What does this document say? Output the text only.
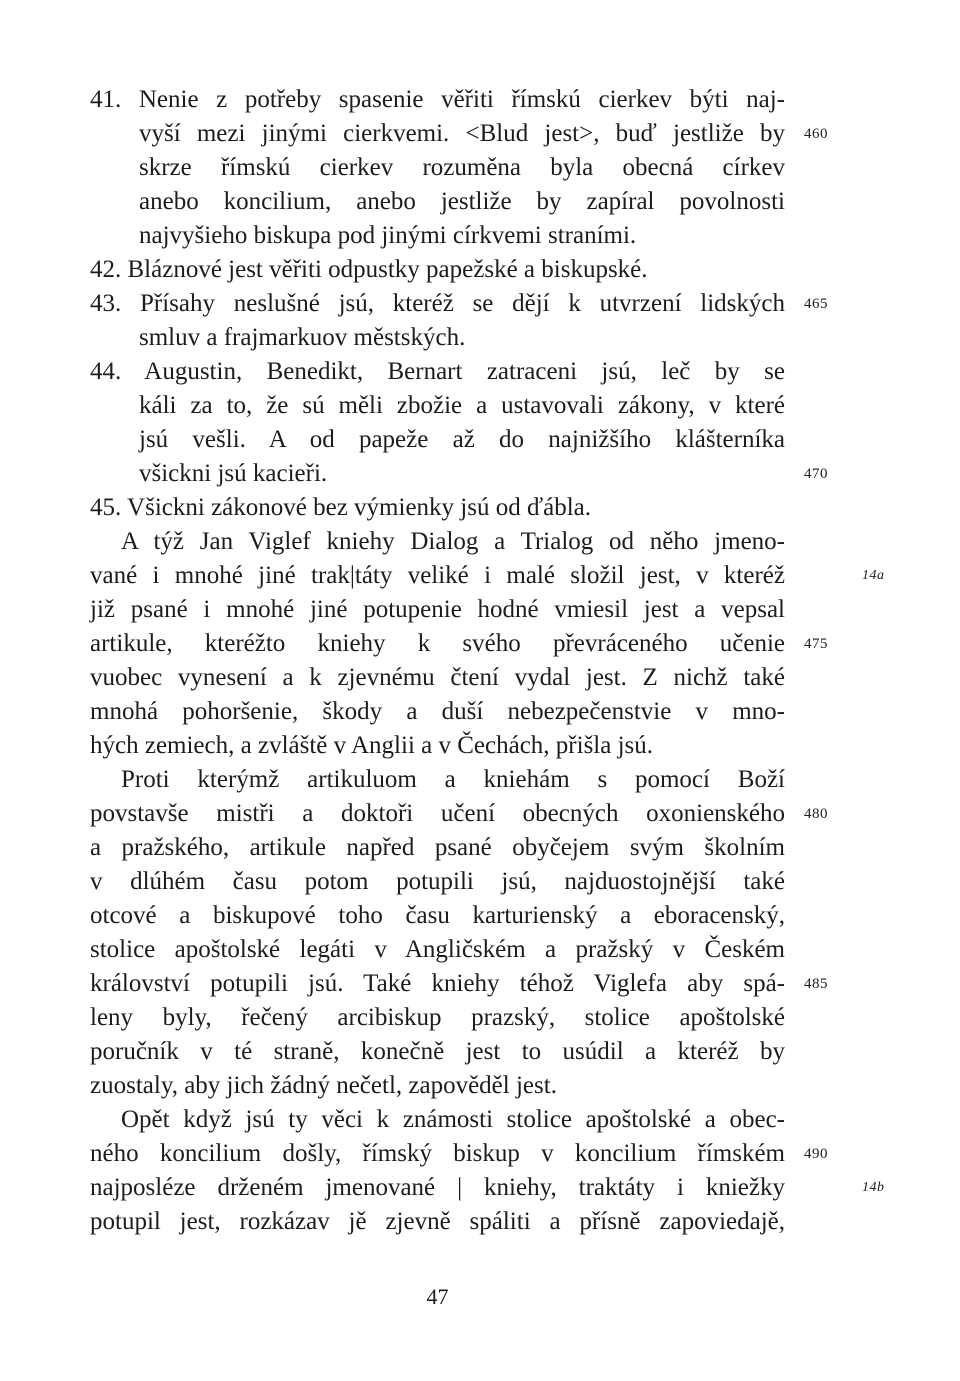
41. Nenie z potřeby spasenie věřiti římskú cierkev býti naj-
vyší mezi jinými cierkvemi. <Blud jest>, buď jestliže by
skrze římskú cierkev rozuměna byla obecná církev
anebo koncilium, anebo jestliže by zapíral povolnosti
najvyšieho biskupa pod jinými církvemi straními.
42. Bláznové jest věřiti odpustky papežské a biskupské.
43. Přísahy neslušné jsú, kteréž se dějí k utvrzení lidských
smluv a frajmarkuov městských.
44. Augustin, Benedikt, Bernart zatraceni jsú, leč by se
káli za to, že sú měli zbožie a ustavovali zákony, v které
jsú vešli. A od papeže až do najnižšího klášterníka
všickni jsú kacieři.
45. Všickni zákonové bez výmienky jsú od ďábla.
A týž Jan Viglef kniehy Dialog a Trialog od něho jmeno-
vané i mnohé jiné trak|táty veliké i malé složil jest, v kteréž
již psané i mnohé jiné potupenie hodné vmiesil jest a vepsal
artikule, kteréžto kniehy k svého převráceného učenie
vuobec vynesení a k zjevnému čtení vydal jest. Z nichž také
mnohá pohoršenie, škody a duší nebezpečenstvie v mno-
hých zemiech, a zvláště v Anglii a v Čechách, přišla jsú.
Proti kterýmž artikuluom a kniehám s pomocí Boží
povstavše mistři a doktoři učení obecných oxonienského
a pražského, artikule napřed psané obyčejem svým školním
v dlúhém času potom potupili jsú, najduostojnější také
otcové a biskupové toho času karturienský a eboracenský,
stolice apoštolské legáti v Angličském a pražský v Českém
království potupili jsú. Také kniehy téhož Viglefa aby spá-
leny byly, řečený arcibiskup prazský, stolice apoštolské
poručník v té straně, konečně jest to usúdil a kteréž by
zuostaly, aby jich žádný nečetl, zapověděl jest.
Opět když jsú ty věci k známosti stolice apoštolské a obec-
ného koncilium došly, římský biskup v koncilium římském
najposléze drženém jmenované | kniehy, traktáty i kniežky
potupil jest, rozkázav jě zjevně spáliti a přísně zapoviedajě,
460
465
470
475
480
485
490
14a
14b
47
